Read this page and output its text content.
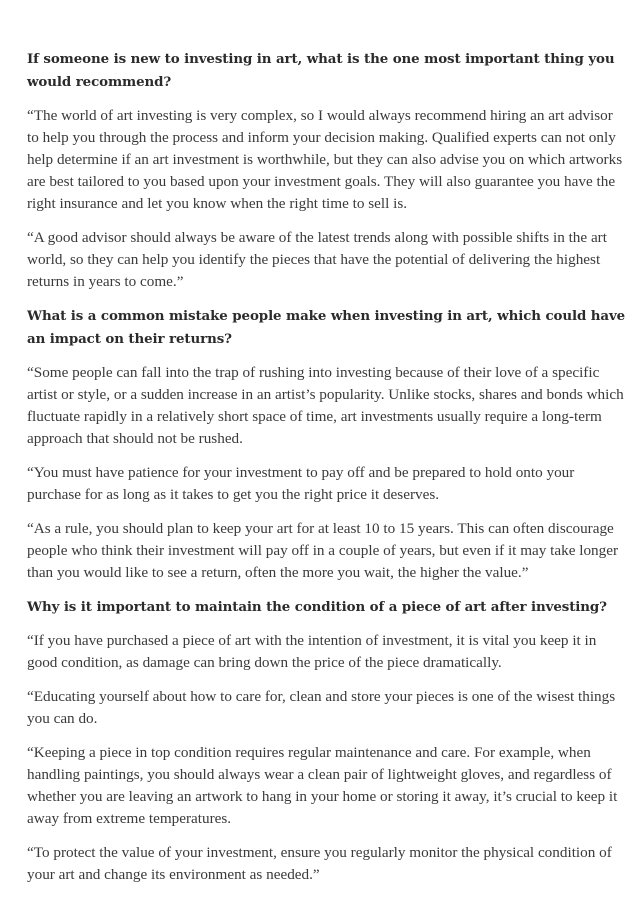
If someone is new to investing in art, what is the one most important thing you would recommend?

“The world of art investing is very complex, so I would always recommend hiring an art advisor to help you through the process and inform your decision making. Qualified experts can not only help determine if an art investment is worthwhile, but they can also advise you on which artworks are best tailored to you based upon your investment goals. They will also guarantee you have the right insurance and let you know when the right time to sell is.

“A good advisor should always be aware of the latest trends along with possible shifts in the art world, so they can help you identify the pieces that have the potential of delivering the highest returns in years to come.”

What is a common mistake people make when investing in art, which could have an impact on their returns?

“Some people can fall into the trap of rushing into investing because of their love of a specific artist or style, or a sudden increase in an artist’s popularity. Unlike stocks, shares and bonds which fluctuate rapidly in a relatively short space of time, art investments usually require a long-term approach that should not be rushed.

“You must have patience for your investment to pay off and be prepared to hold onto your purchase for as long as it takes to get you the right price it deserves.

“As a rule, you should plan to keep your art for at least 10 to 15 years. This can often discourage people who think their investment will pay off in a couple of years, but even if it may take longer than you would like to see a return, often the more you wait, the higher the value.”

Why is it important to maintain the condition of a piece of art after investing?

“If you have purchased a piece of art with the intention of investment, it is vital you keep it in good condition, as damage can bring down the price of the piece dramatically.

“Educating yourself about how to care for, clean and store your pieces is one of the wisest things you can do.

“Keeping a piece in top condition requires regular maintenance and care. For example, when handling paintings, you should always wear a clean pair of lightweight gloves, and regardless of whether you are leaving an artwork to hang in your home or storing it away, it’s crucial to keep it away from extreme temperatures.

“To protect the value of your investment, ensure you regularly monitor the physical condition of your art and change its environment as needed.”
